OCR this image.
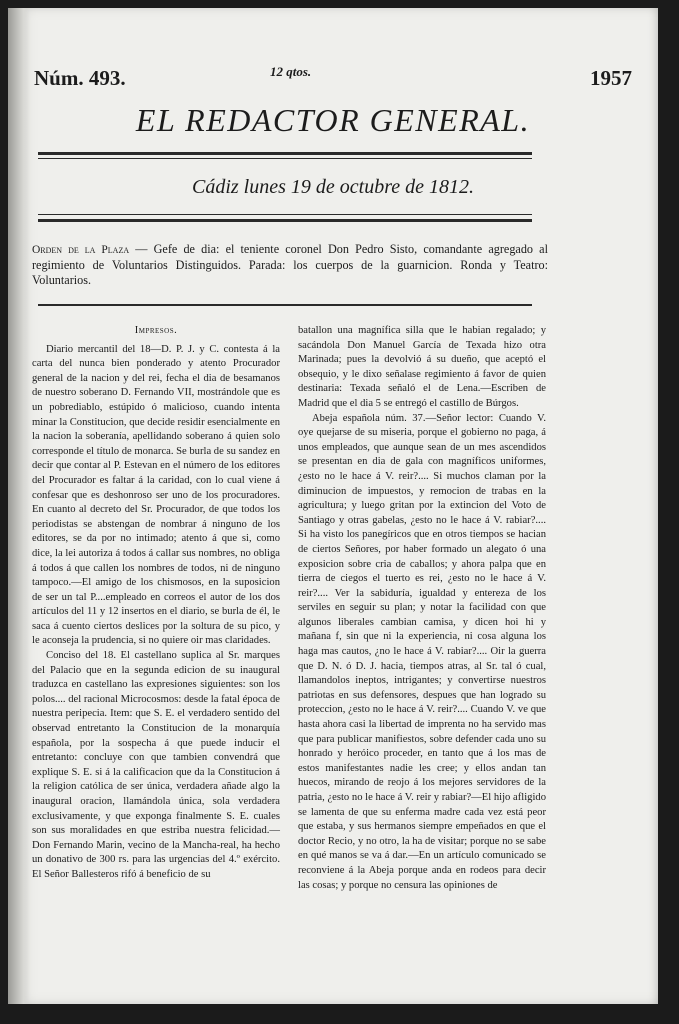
Núm. 493.	12 qtos.	1957
EL REDACTOR GENERAL.
Cádiz lunes 19 de octubre de 1812.
Orden de la Plaza — Gefe de dia: el teniente coronel Don Pedro Sisto, comandante agregado al regimiento de Voluntarios Distinguidos. Parada: los cuerpos de la guarnicion. Ronda y Teatro: Voluntarios.
Impresos.

Diario mercantil del 18—D. P. J. y C. contesta á la carta del nunca bien ponderado y atento Procurador general de la nacion y del rei, fecha el dia de besamanos de nuestro soberano D. Fernando VII, mostrándole que es un pobrediablo, estúpido ó malicioso, cuando intenta minar la Constitucion, que decide residir esencialmente en la nacion la soberanía, apellidando soberano á quien solo corresponde el título de monarca. Se burla de su sandez en decir que contar al P. Estevan en el número de los editores del Procurador es faltar á la caridad, con lo cual viene á confesar que es deshonroso ser uno de los procuradores. En cuanto al decreto del Sr. Procurador, de que todos los periodistas se abstengan de nombrar á ninguno de los editores, se da por no intimado; atento á que si, como dice, la lei autoriza á todos á callar sus nombres, no obliga á todos á que callen los nombres de todos, ni de ninguno tampoco.—El amigo de los chismosos, en la suposicion de ser un tal P....empleado en correos el autor de los dos artículos del 11 y 12 insertos en el diario, se burla de él, le saca á cuento ciertos deslices por la soltura de su pico, y le aconseja la prudencia, si no quiere oir mas claridades.

Conciso del 18. El castellano suplica al Sr. marques del Palacio que en la segunda edicion de su inaugural traduzca en castellano las expresiones siguientes: son los polos.... del racional Microcosmos: desde la fatal época de nuestra peripecia. Item: que S. E. el verdadero sentido del observad entretanto la Constitucion de la monarquía española, por la sospecha á que puede inducir el entretanto: concluye con que tambien convendrá que explique S. E. si á la calificacion que da la Constitucion á la religion católica de ser única, verdadera añade algo la inaugural oracion, llamándola única, sola verdadera exclusivamente, y que exponga finalmente S. E. cuales son sus moralidades en que estriba nuestra felicidad.—Don Fernando Marin, vecino de la Mancha-real, ha hecho un donativo de 300 rs. para las urgencias del 4.º exército. El Señor Ballesteros rifó á beneficio de su

batallon una magnífica silla que le habian regalado; y sacándola Don Manuel García de Texada hizo otra Marinada; pues la devolvió á su dueño, que aceptó el obsequio, y le dixo señalase regimiento á favor de quien destinaria: Texada señaló el de Lena.—Escriben de Madrid que el dia 5 se entregó el castillo de Búrgos.

Abeja española núm. 37.—Señor lector: Cuando V. oye quejarse de su miseria, porque el gobierno no paga, á unos empleados, que aunque sean de un mes ascendidos se presentan en dia de gala con magníficos uniformes, ¿esto no le hace á V. reir?.... Si muchos claman por la diminucion de impuestos, y remocion de trabas en la agricultura; y luego gritan por la extincion del Voto de Santiago y otras gabelas, ¿esto no le hace á V. rabiar?.... Si ha visto los panegíricos que en otros tiempos se hacian de ciertos Señores, por haber formado un alegato ó una exposicion sobre cria de caballos; y ahora palpa que en tierra de ciegos el tuerto es rei, ¿esto no le hace á V. reir?.... Ver la sabiduría, igualdad y entereza de los serviles en seguir su plan; y notar la facilidad con que algunos liberales cambian camisa, y dicen hoi hi y mañana f, sin que ni la experiencia, ni cosa alguna los haga mas cautos, ¿no le hace á V. rabiar?.... Oir la guerra que D. N. ó D. J. hacia, tiempos atras, al Sr. tal ó cual, llamandolos ineptos, intrigantes; y convertirse nuestros patriotas en sus defensores, despues que han logrado su proteccion, ¿esto no le hace á V. reir?.... Cuando V. ve que hasta ahora casi la libertad de imprenta no ha servido mas que para publicar manifiestos, sobre defender cada uno su honrado y heróico proceder, en tanto que á los mas de estos manifestantes nadie les cree; y ellos andan tan huecos, mirando de reojo á los mejores servidores de la patria, ¿esto no le hace á V. reir y rabiar?—El hijo afligido se lamenta de que su enferma madre cada vez está peor que estaba, y sus hermanos siempre empeñados en que el doctor Recio, y no otro, la ha de visitar; porque no se sabe en qué manos se va á dar.—En un artículo comunicado se reconviene á la Abeja porque anda en rodeos para decir las cosas; y porque no censura las opiniones de
